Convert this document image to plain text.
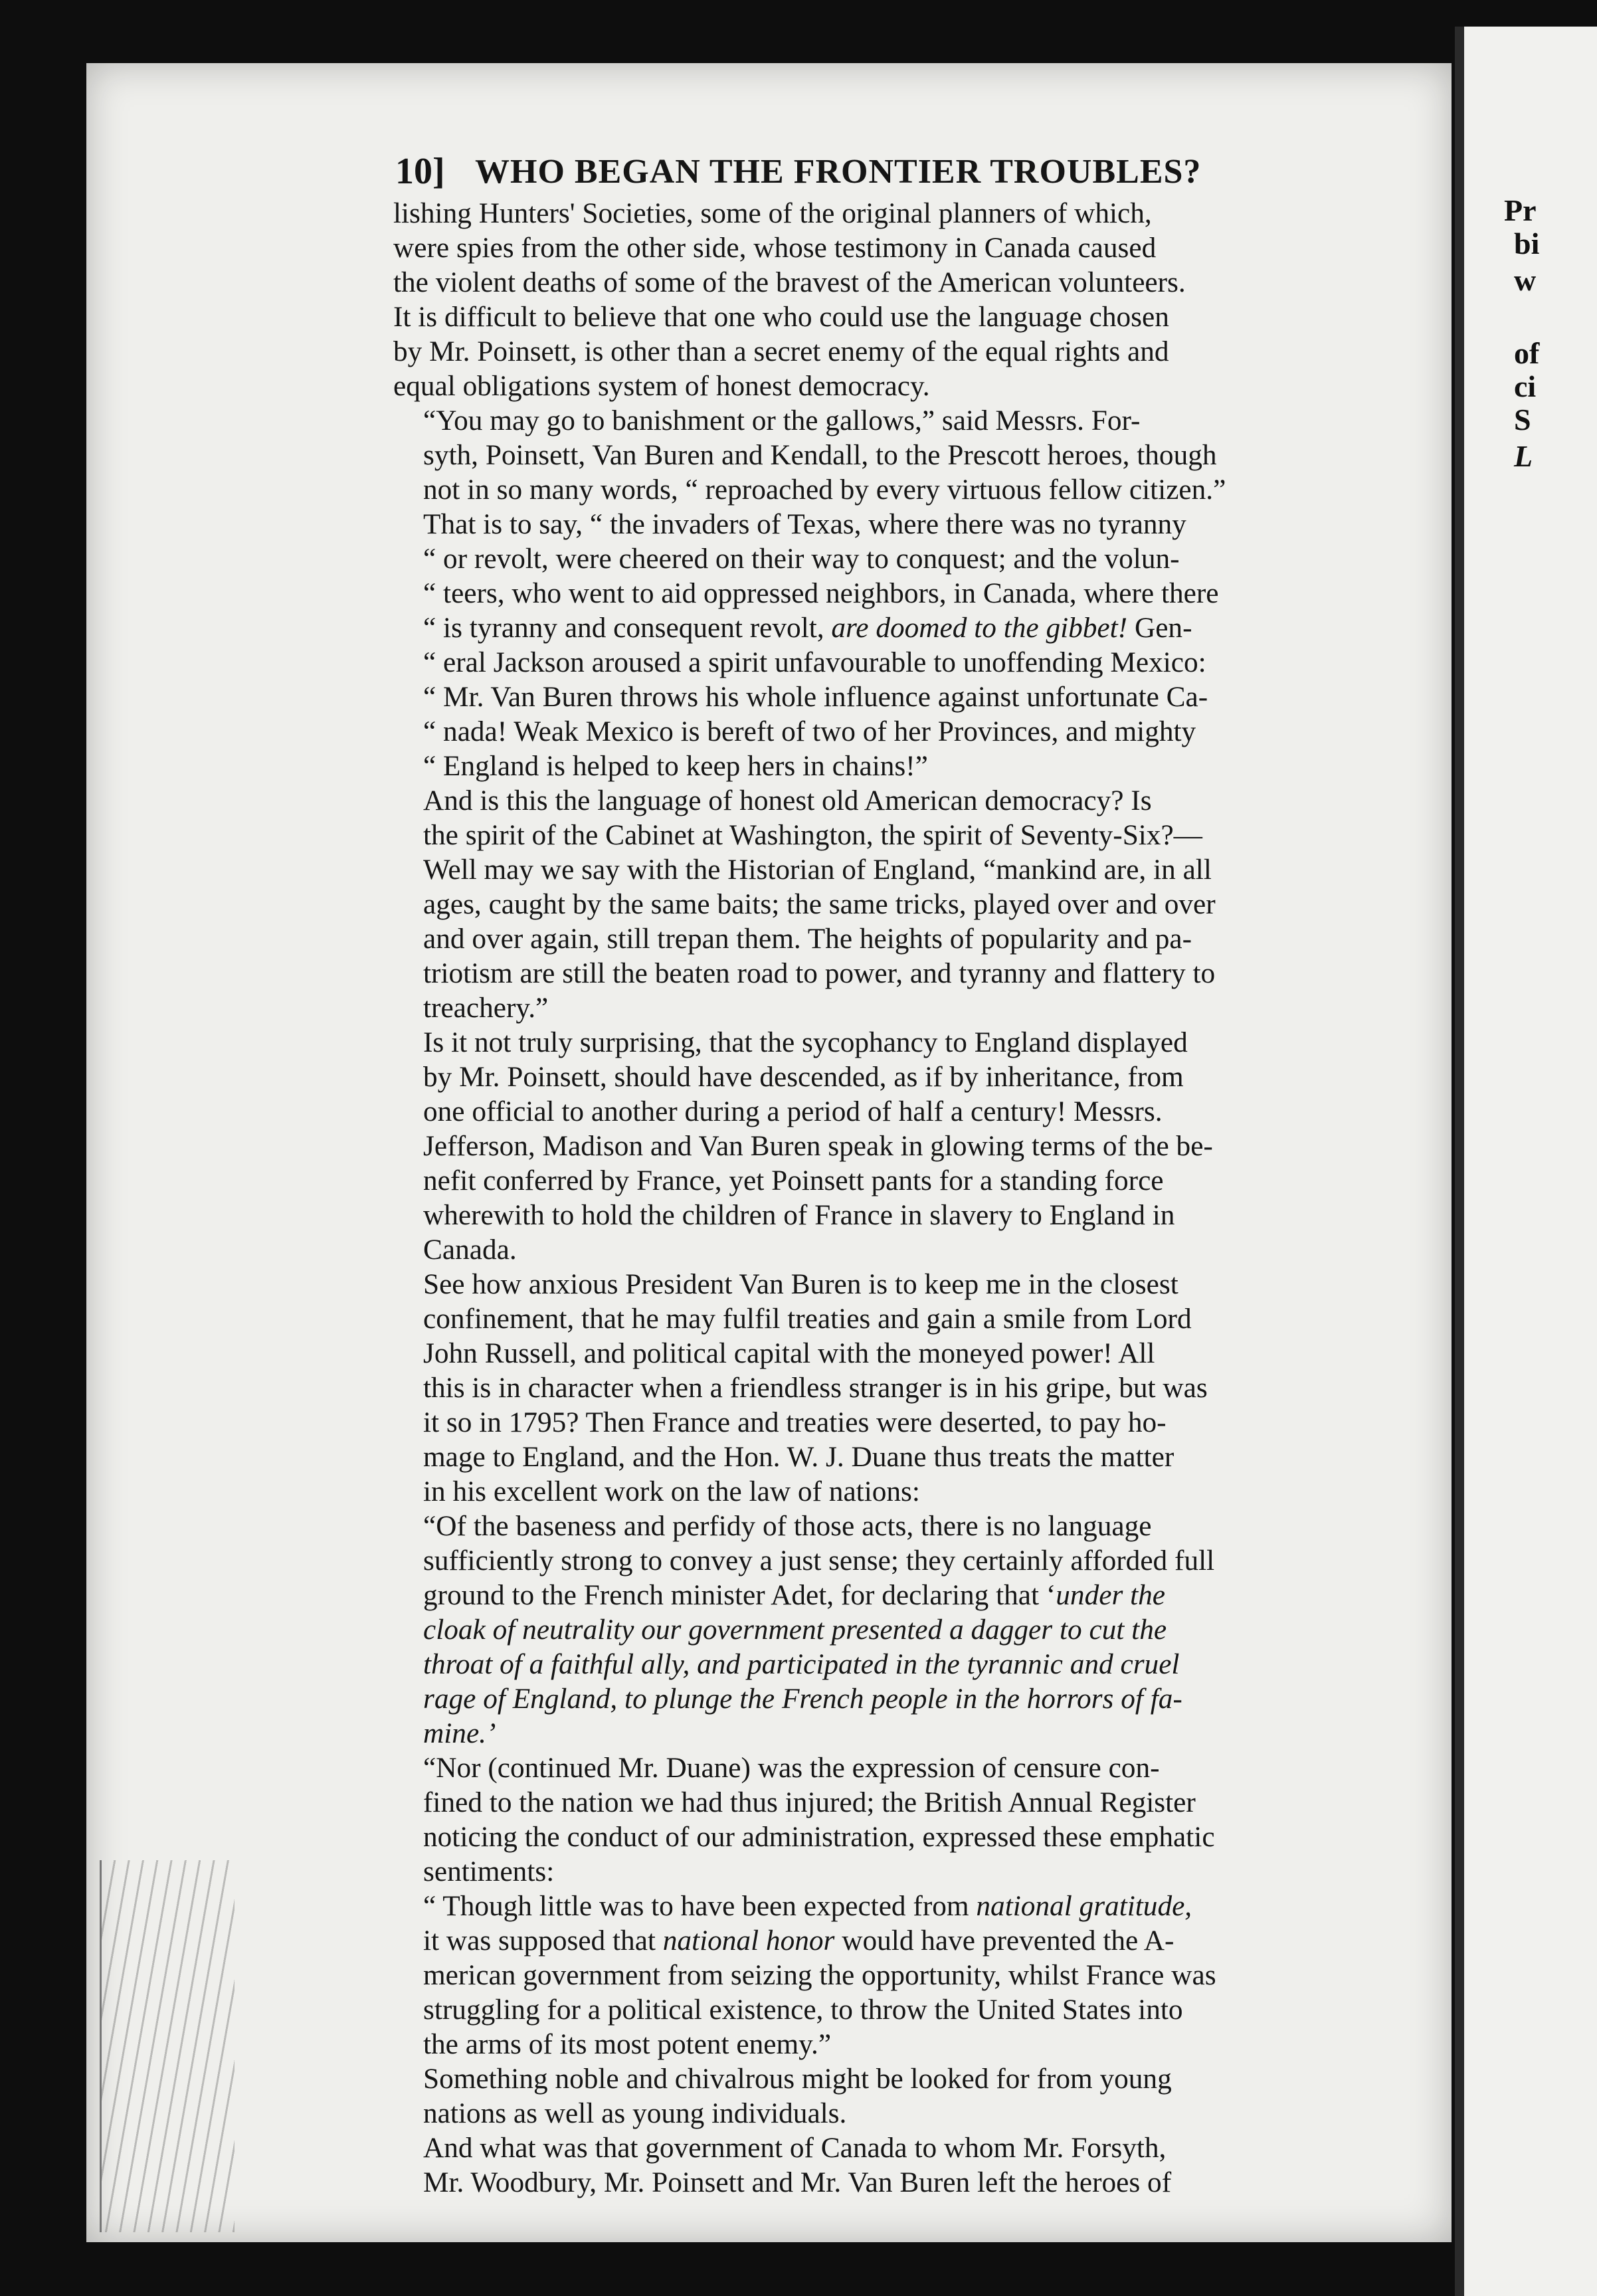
Pr
bi
w
of
ci
S
L
10] WHO BEGAN THE FRONTIER TROUBLES?

lishing Hunters' Societies, some of the original planners of which,
were spies from the other side, whose testimony in Canada caused
the violent deaths of some of the bravest of the American volunteers.
It is difficult to believe that one who could use the language chosen
by Mr. Poinsett, is other than a secret enemy of the equal rights and
equal obligations system of honest democracy.

“You may go to banishment or the gallows,” said Messrs. For-
syth, Poinsett, Van Buren and Kendall, to the Prescott heroes, though
not in so many words, “ reproached by every virtuous fellow citizen.”
That is to say, “ the invaders of Texas, where there was no tyranny
“ or revolt, were cheered on their way to conquest; and the volun-
“ teers, who went to aid oppressed neighbors, in Canada, where there
“ is tyranny and consequent revolt, are doomed to the gibbet! Gen-
“ eral Jackson aroused a spirit unfavourable to unoffending Mexico:
“ Mr. Van Buren throws his whole influence against unfortunate Ca-
“ nada! Weak Mexico is bereft of two of her Provinces, and mighty
“ England is helped to keep hers in chains!”

And is this the language of honest old American democracy? Is
the spirit of the Cabinet at Washington, the spirit of Seventy-Six?—
Well may we say with the Historian of England, “mankind are, in all
ages, caught by the same baits; the same tricks, played over and over
and over again, still trepan them. The heights of popularity and pa-
triotism are still the beaten road to power, and tyranny and flattery to
treachery.”

Is it not truly surprising, that the sycophancy to England displayed
by Mr. Poinsett, should have descended, as if by inheritance, from
one official to another during a period of half a century! Messrs.
Jefferson, Madison and Van Buren speak in glowing terms of the be-
nefit conferred by France, yet Poinsett pants for a standing force
wherewith to hold the children of France in slavery to England in
Canada.

See how anxious President Van Buren is to keep me in the closest
confinement, that he may fulfil treaties and gain a smile from Lord
John Russell, and political capital with the moneyed power! All
this is in character when a friendless stranger is in his gripe, but was
it so in 1795? Then France and treaties were deserted, to pay ho-
mage to England, and the Hon. W. J. Duane thus treats the matter
in his excellent work on the law of nations:

“Of the baseness and perfidy of those acts, there is no language
sufficiently strong to convey a just sense; they certainly afforded full
ground to the French minister Adet, for declaring that ‘under the
cloak of neutrality our government presented a dagger to cut the
throat of a faithful ally, and participated in the tyrannic and cruel
rage of England, to plunge the French people in the horrors of fa-
mine.’

“Nor (continued Mr. Duane) was the expression of censure con-
fined to the nation we had thus injured; the British Annual Register
noticing the conduct of our administration, expressed these emphatic
sentiments:

“ Though little was to have been expected from national gratitude,
it was supposed that national honor would have prevented the A-
merican government from seizing the opportunity, whilst France was
struggling for a political existence, to throw the United States into
the arms of its most potent enemy.”

Something noble and chivalrous might be looked for from young
nations as well as young individuals.

And what was that government of Canada to whom Mr. Forsyth,
Mr. Woodbury, Mr. Poinsett and Mr. Van Buren left the heroes of
